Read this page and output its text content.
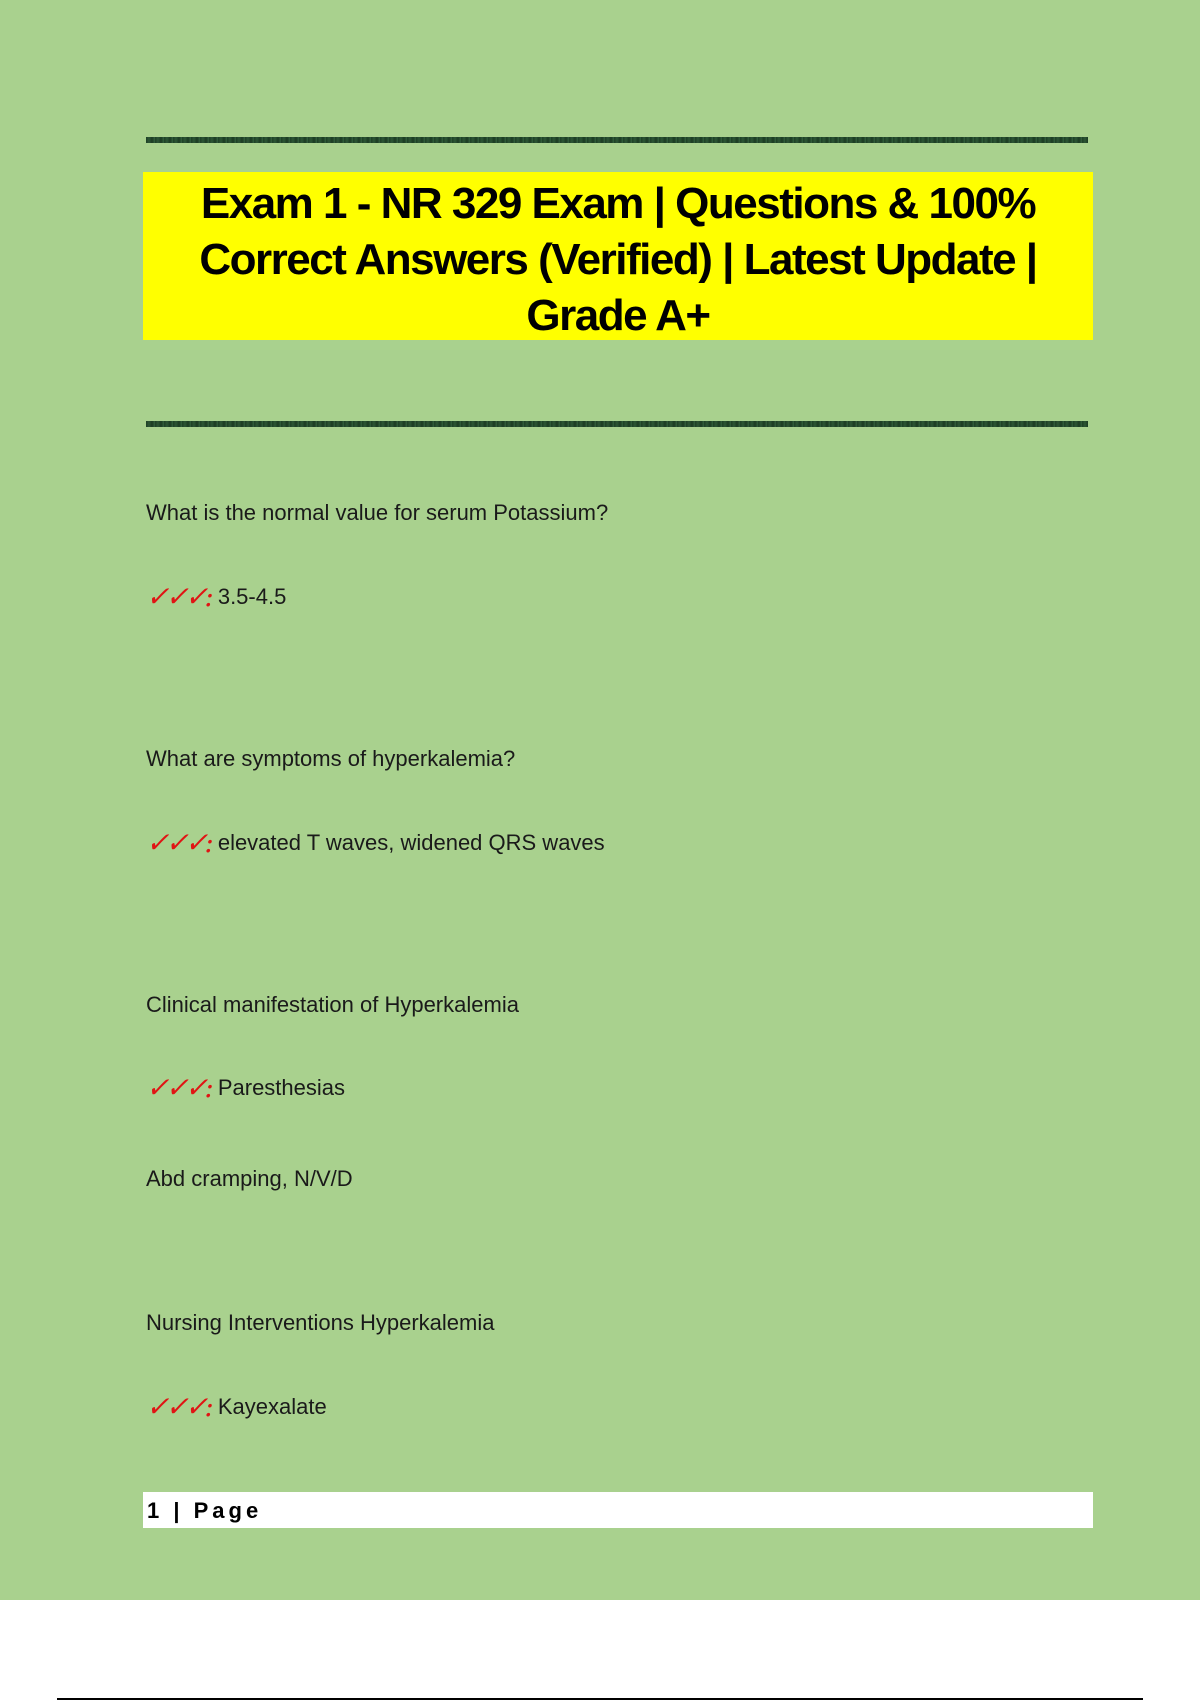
Exam 1 - NR 329 Exam | Questions & 100% Correct Answers (Verified) | Latest Update | Grade A+
What is the normal value for serum Potassium?
✓✓✓: 3.5-4.5
What are symptoms of hyperkalemia?
✓✓✓: elevated T waves, widened QRS waves
Clinical manifestation of Hyperkalemia
✓✓✓: Paresthesias
Abd cramping, N/V/D
Nursing Interventions Hyperkalemia
✓✓✓: Kayexalate
1 | Page
